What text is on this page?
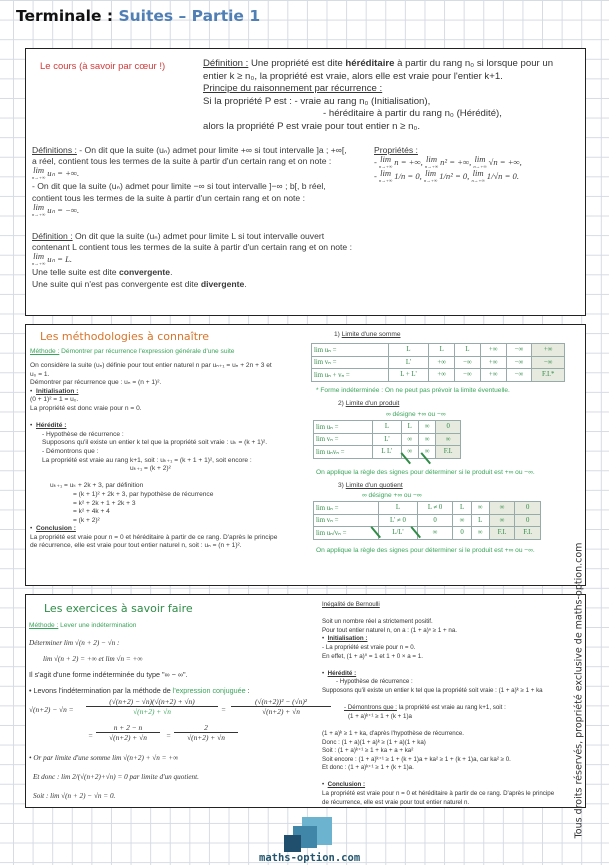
Terminale : Suites – Partie 1
Le cours (à savoir par cœur !)	Définition : Une propriété est dite héréditaire à partir du rang n₀ si lorsque pour un
entier k ≥ n₀, la propriété est vraie, alors elle est vraie pour l'entier k+1.
Principe du raisonnement par récurrence :
Si la propriété P est : - vraie au rang n₀ (Initialisation),
- héréditaire à partir du rang n₀ (Hérédité),
alors la propriété P est vraie pour tout entier n ≥ n₀.
Définitions : - On dit que la suite (uₙ) admet pour limite +∞ si tout intervalle ]a ; +∞[,
a réel, contient tous les termes de la suite à partir d'un certain rang et on note :

lim
n→+∞ uₙ = +∞.
- On dit que la suite (uₙ) admet pour limite −∞ si tout intervalle ]−∞ ; b[, b réel,
contient tous les termes de la suite à partir d'un certain rang et on note :

lim
n→+∞ uₙ = −∞.
Propriétés :
- lim
n→+∞ n = +∞, lim
n→+∞ n² = +∞, lim
n→+∞ √n = +∞,
- lim
n→+∞ 1/n = 0, lim
n→+∞ 1/n² = 0, lim
n→+∞ 1/√n = 0.
Définition : On dit que la suite (uₙ) admet pour limite L si tout intervalle ouvert
contenant L contient tous les termes de la suite à partir d'un certain rang et on note :

lim
n→+∞ uₙ = L.
Une telle suite est dite convergente.
Une suite qui n'est pas convergente est dite divergente.
Les méthodologies à connaître
Méthode : Démontrer par récurrence l'expression générale d'une suite
On considère la suite (uₙ) définie pour tout entier naturel n par uₙ₊₁ = uₙ + 2n + 3 et
u₀ = 1.
Démontrer par récurrence que : uₙ = (n + 1)².
•  Initialisation :
(0 + 1)² = 1 = u₀.
La propriété est donc vraie pour n = 0.

•  Hérédité :
- Hypothèse de récurrence :
Supposons qu'il existe un entier k tel que la propriété soit vraie : uₖ = (k + 1)².
- Démontrons que :
La propriété est vraie au rang k+1, soit : uₖ₊₁ = (k + 1 + 1)², soit encore :
uₖ₊₁ = (k + 2)²

uₖ₊₁ = uₖ + 2k + 3, par définition
= (k + 1)² + 2k + 3, par hypothèse de récurrence
= k² + 2k + 1 + 2k + 3
= k² + 4k + 4
= (k + 2)²
•  Conclusion :
La propriété est vraie pour n = 0 et héréditaire à partir de ce rang. D'après le principe
de récurrence, elle est vraie pour tout entier naturel n, soit : uₙ = (n + 1)².
1) Limite d'une somme
lim uₙ =	L	L	L	+∞	−∞	+∞
lim vₙ =	L'	+∞	−∞	+∞	−∞	−∞
lim uₙ + vₙ =	L + L'	+∞	−∞	+∞	−∞	F.I.*
* Forme indéterminée : On ne peut pas prévoir la limite éventuelle.
2) Limite d'un produit
∞ désigne +∞ ou −∞
lim uₙ =	L	L	∞	0
lim vₙ =	L'	∞	∞	∞
lim uₙvₙ =	L L'	∞	∞	F.I.
On applique la règle des signes pour déterminer si le produit est +∞ ou −∞.
3) Limite d'un quotient
∞ désigne +∞ ou −∞
lim uₙ =	L	L ≠ 0	L	∞	∞	0
lim vₙ =	L' ≠ 0	0	∞	L	∞	0
lim uₙ/vₙ =	L/L'	∞	0	∞	F.I.	F.I.
On applique la règle des signes pour déterminer si le produit est +∞ ou −∞.
Les exercices à savoir faire
Méthode : Lever une indétermination
Déterminer lim √(n + 2) − √n :
lim √(n + 2) = +∞ et lim √n = +∞
Il s'agit d'une forme indéterminée du type "∞ − ∞".
• Levons l'indétermination par la méthode de l'expression conjuguée :
$√(n+2) - √n = \frac{(√(n+2) - √n)(√(n+2) + √n)}{√(n+2) + √n} = \frac{\text{(√(n+2))² − (√n)²}}{√(n+2) + √n}$
= $\frac{n + 2 - n}{√(n+2) + √n} = \frac{2}{√(n+2) + √n}$
• Or par limite d'une somme lim √(n+2) + √n = +∞
Et donc : lim 2/(√(n+2)+√n) = 0 par limite d'un quotient.
Soit : lim √(n + 2) − √n = 0.
Inégalité de Bernoulli

Soit un nombre réel a strictement positif.
Pour tout entier naturel n, on a : (1 + a)ⁿ ≥ 1 + na.
•  Initialisation :
- La propriété est vraie pour n = 0.
En effet, (1 + a)⁰ = 1 et 1 + 0 × a = 1.

•  Hérédité :
- Hypothèse de récurrence :
Supposons qu'il existe un entier k tel que la propriété soit vraie : (1 + a)ᵏ ≥ 1 + ka

- Démontrons que : la propriété est vraie au rang k+1, soit :
(1 + a)ᵏ⁺¹ ≥ 1 + (k + 1)a

(1 + a)ᵏ ≥ 1 + ka, d'après l'hypothèse de récurrence.
Donc : (1 + a)(1 + a)ᵏ ≥ (1 + a)(1 + ka)
Soit : (1 + a)ᵏ⁺¹ ≥ 1 + ka + a + ka²
Soit encore : (1 + a)ᵏ⁺¹ ≥ 1 + (k + 1)a + ka² ≥ 1 + (k + 1)a, car ka² ≥ 0.
Et donc : (1 + a)ᵏ⁺¹ ≥ 1 + (k + 1)a.

•  Conclusion :
La propriété est vraie pour n = 0 et héréditaire à partir de ce rang. D'après le principe
de récurrence, elle est vraie pour tout entier naturel n.	Tous droits réservés, propriété exclusive de maths-option.com
maths-option.com
